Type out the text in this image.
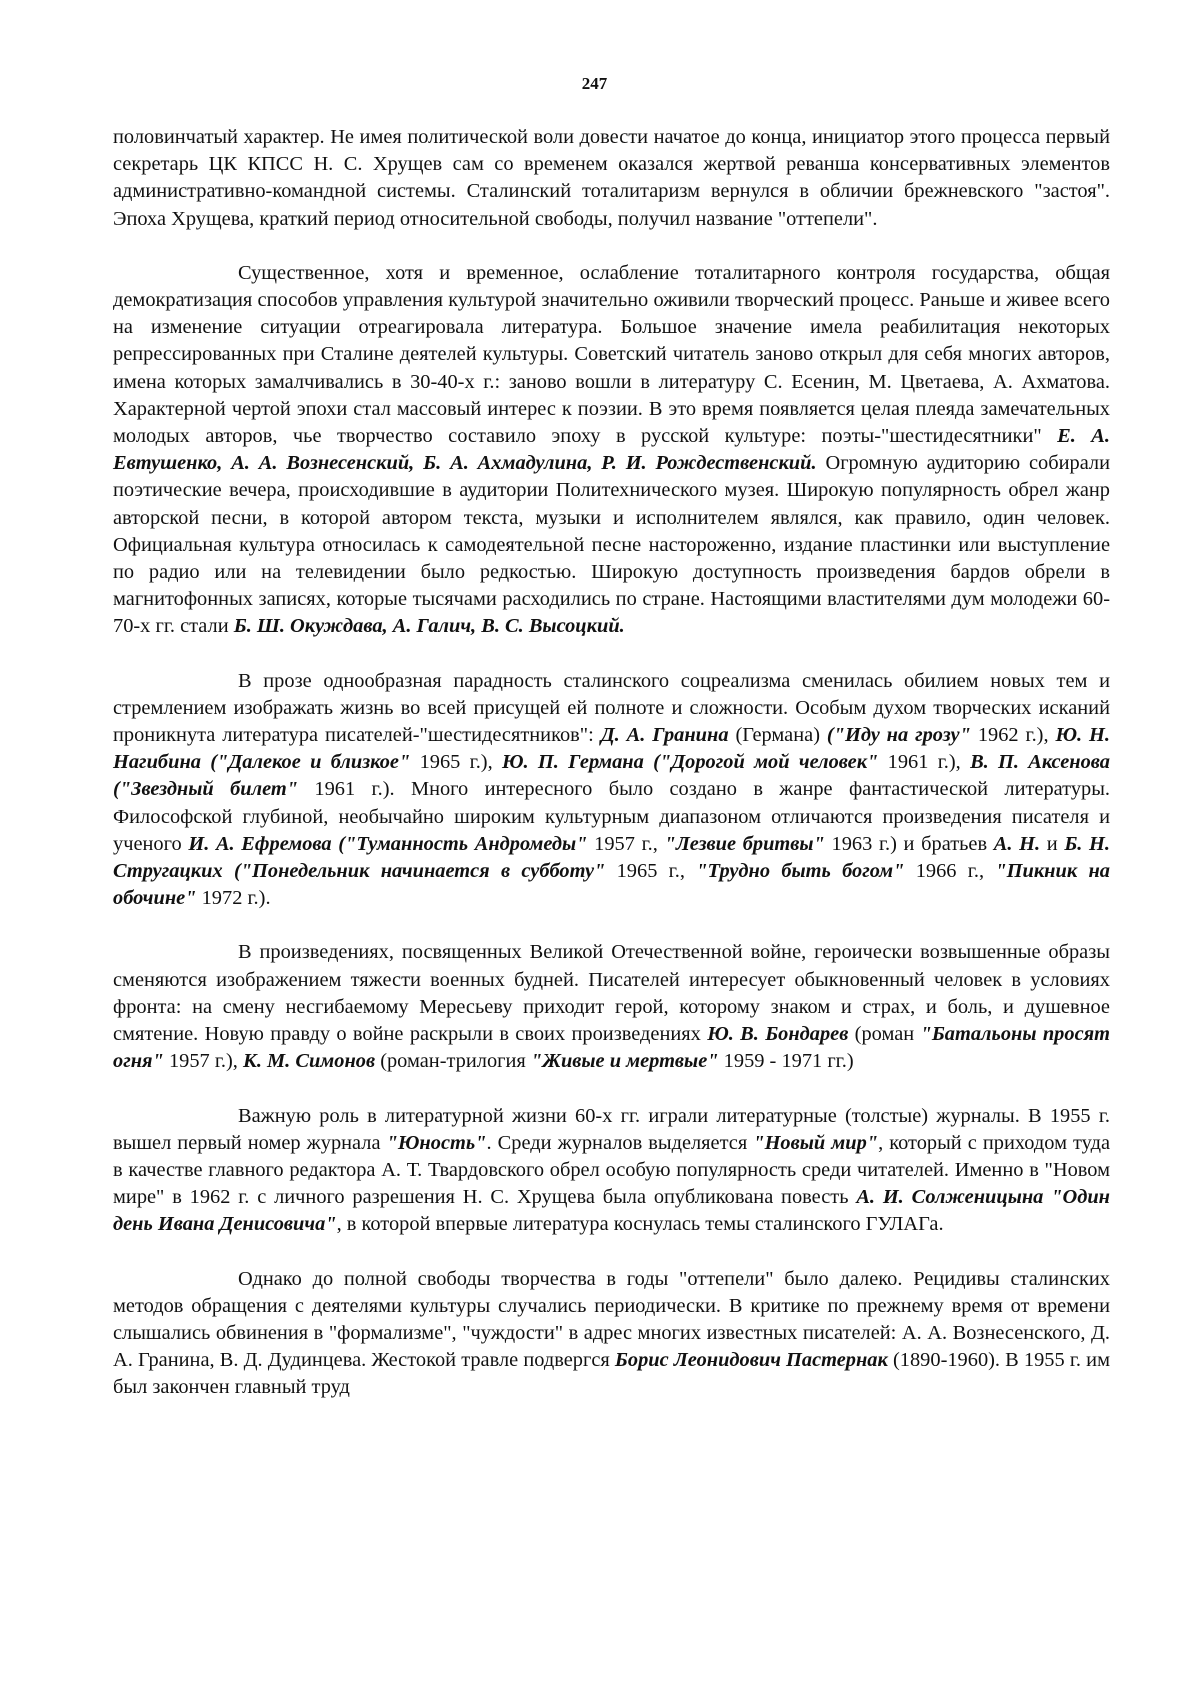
247

половинчатый характер. Не имея политической воли довести начатое до конца, инициатор этого процесса первый секретарь ЦК КПСС Н. С. Хрущев сам со временем оказался жертвой реванша консервативных элементов административно-командной системы. Сталинский тоталитаризм вернулся в обличии брежневского "застоя". Эпоха Хрущева, краткий период относительной свободы, получил название "оттепели".

Существенное, хотя и временное, ослабление тоталитарного контроля государства, общая демократизация способов управления культурой значительно оживили творческий процесс. Раньше и живее всего на изменение ситуации отреагировала литература. Большое значение имела реабилитация некоторых репрессированных при Сталине деятелей культуры. Советский читатель заново открыл для себя многих авторов, имена которых замалчивались в 30-40-х г.: заново вошли в литературу С. Есенин, М. Цветаева, А. Ахматова. Характерной чертой эпохи стал массовый интерес к поэзии. В это время появляется целая плеяда замечательных молодых авторов, чье творчество составило эпоху в русской культуре: поэты-"шестидесятники" Е. А. Евтушенко, А. А. Вознесенский, Б. А. Ахмадулина, Р. И. Рождественский. Огромную аудиторию собирали поэтические вечера, происходившие в аудитории Политехнического музея. Широкую популярность обрел жанр авторской песни, в которой автором текста, музыки и исполнителем являлся, как правило, один человек. Официальная культура относилась к самодеятельной песне настороженно, издание пластинки или выступление по радио или на телевидении было редкостью. Широкую доступность произведения бардов обрели в магнитофонных записях, которые тысячами расходились по стране. Настоящими властителями дум молодежи 60-70-х гг. стали Б. Ш. Окуждава, А. Галич, В. С. Высоцкий.

В прозе однообразная парадность сталинского соцреализма сменилась обилием новых тем и стремлением изображать жизнь во всей присущей ей полноте и сложности. Особым духом творческих исканий проникнута литература писателей-"шестидесятников": Д. А. Гранина (Германа) ("Иду на грозу" 1962 г.), Ю. Н. Нагибина ("Далекое и близкое" 1965 г.), Ю. П. Германа ("Дорогой мой человек" 1961 г.), В. П. Аксенова ("Звездный билет" 1961 г.). Много интересного было создано в жанре фантастической литературы. Философской глубиной, необычайно широким культурным диапазоном отличаются произведения писателя и ученого И. А. Ефремова ("Туманность Андромеды" 1957 г., "Лезвие бритвы" 1963 г.) и братьев А. Н. и Б. Н. Стругацких ("Понедельник начинается в субботу" 1965 г., "Трудно быть богом" 1966 г., "Пикник на обочине" 1972 г.).

В произведениях, посвященных Великой Отечественной войне, героически возвышенные образы сменяются изображением тяжести военных будней. Писателей интересует обыкновенный человек в условиях фронта: на смену несгибаемому Мересьеву приходит герой, которому знаком и страх, и боль, и душевное смятение. Новую правду о войне раскрыли в своих произведениях Ю. В. Бондарев (роман "Батальоны просят огня" 1957 г.), К. М. Симонов (роман-трилогия "Живые и мертвые" 1959 - 1971 гг.)

Важную роль в литературной жизни 60-х гг. играли литературные (толстые) журналы. В 1955 г. вышел первый номер журнала "Юность". Среди журналов выделяется "Новый мир", который с приходом туда в качестве главного редактора А. Т. Твардовского обрел особую популярность среди читателей. Именно в "Новом мире" в 1962 г. с личного разрешения Н. С. Хрущева была опубликована повесть А. И. Солженицына "Один день Ивана Денисовича", в которой впервые литература коснулась темы сталинского ГУЛАГа.

Однако до полной свободы творчества в годы "оттепели" было далеко. Рецидивы сталинских методов обращения с деятелями культуры случались периодически. В критике по прежнему время от времени слышались обвинения в "формализме", "чуждости" в адрес многих известных писателей: А. А. Вознесенского, Д. А. Гранина, В. Д. Дудинцева. Жестокой травле подвергся Борис Леонидович Пастернак (1890-1960). В 1955 г. им был закончен главный труд
